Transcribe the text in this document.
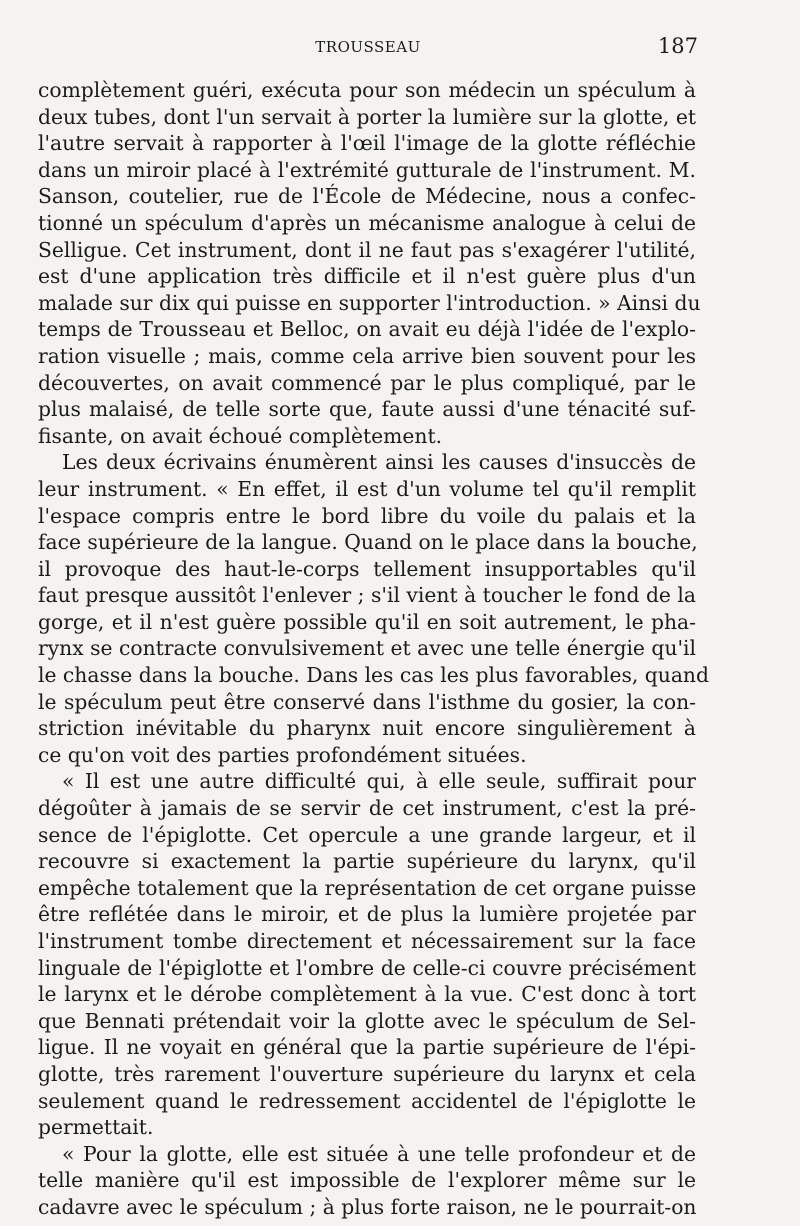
TROUSSEAU	187
complètement guéri, exécuta pour son médecin un spéculum à
deux tubes, dont l'un servait à porter la lumière sur la glotte, et
l'autre servait à rapporter à l'œil l'image de la glotte réfléchie
dans un miroir placé à l'extrémité gutturale de l'instrument. M.
Sanson, coutelier, rue de l'École de Médecine, nous a confec-
tionné un spéculum d'après un mécanisme analogue à celui de
Selligue. Cet instrument, dont il ne faut pas s'exagérer l'utilité,
est d'une application très difficile et il n'est guère plus d'un
malade sur dix qui puisse en supporter l'introduction. » Ainsi du
temps de Trousseau et Belloc, on avait eu déjà l'idée de l'explo-
ration visuelle ; mais, comme cela arrive bien souvent pour les
découvertes, on avait commencé par le plus compliqué, par le
plus malaisé, de telle sorte que, faute aussi d'une ténacité suf-
fisante, on avait échoué complètement.
Les deux écrivains énumèrent ainsi les causes d'insuccès de
leur instrument. « En effet, il est d'un volume tel qu'il remplit
l'espace compris entre le bord libre du voile du palais et la
face supérieure de la langue. Quand on le place dans la bouche,
il provoque des haut-le-corps tellement insupportables qu'il
faut presque aussitôt l'enlever ; s'il vient à toucher le fond de la
gorge, et il n'est guère possible qu'il en soit autrement, le pha-
rynx se contracte convulsivement et avec une telle énergie qu'il
le chasse dans la bouche. Dans les cas les plus favorables, quand
le spéculum peut être conservé dans l'isthme du gosier, la con-
striction inévitable du pharynx nuit encore singulièrement à
ce qu'on voit des parties profondément situées.
« Il est une autre difficulté qui, à elle seule, suffirait pour
dégoûter à jamais de se servir de cet instrument, c'est la pré-
sence de l'épiglotte. Cet opercule a une grande largeur, et il
recouvre si exactement la partie supérieure du larynx, qu'il
empêche totalement que la représentation de cet organe puisse
être reflétée dans le miroir, et de plus la lumière projetée par
l'instrument tombe directement et nécessairement sur la face
linguale de l'épiglotte et l'ombre de celle-ci couvre précisément
le larynx et le dérobe complètement à la vue. C'est donc à tort
que Bennati prétendait voir la glotte avec le spéculum de Sel-
ligue. Il ne voyait en général que la partie supérieure de l'épi-
glotte, très rarement l'ouverture supérieure du larynx et cela
seulement quand le redressement accidentel de l'épiglotte le
permettait.
« Pour la glotte, elle est située à une telle profondeur et de
telle manière qu'il est impossible de l'explorer même sur le
cadavre avec le spéculum ; à plus forte raison, ne le pourrait-on
